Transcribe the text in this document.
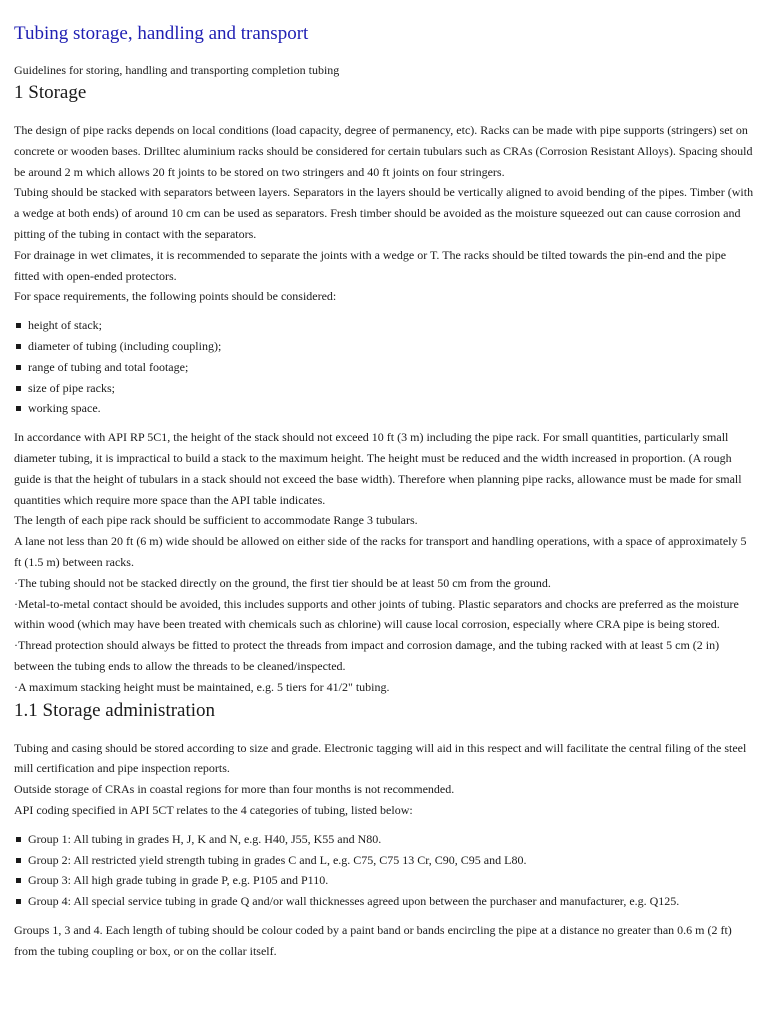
Tubing storage, handling and transport
Guidelines for storing, handling and transporting completion tubing
1 Storage

The design of pipe racks depends on local conditions (load capacity, degree of permanency, etc). Racks can be made with pipe supports (stringers) set on concrete or wooden bases. Drilltec aluminium racks should be considered for certain tubulars such as CRAs (Corrosion Resistant Alloys). Spacing should be around 2 m which allows 20 ft joints to be stored on two stringers and 40 ft joints on four stringers.

Tubing should be stacked with separators between layers. Separators in the layers should be vertically aligned to avoid bending of the pipes. Timber (with a wedge at both ends) of around 10 cm can be used as separators. Fresh timber should be avoided as the moisture squeezed out can cause corrosion and pitting of the tubing in contact with the separators.

For drainage in wet climates, it is recommended to separate the joints with a wedge or T. The racks should be tilted towards the pin-end and the pipe fitted with open-ended protectors.

For space requirements, the following points should be considered:

height of stack;
diameter of tubing (including coupling);
range of tubing and total footage;
size of pipe racks;
working space.

In accordance with API RP 5C1, the height of the stack should not exceed 10 ft (3 m) including the pipe rack. For small quantities, particularly small diameter tubing, it is impractical to build a stack to the maximum height. The height must be reduced and the width increased in proportion. (A rough guide is that the height of tubulars in a stack should not exceed the base width). Therefore when planning pipe racks, allowance must be made for small quantities which require more space than the API table indicates.

The length of each pipe rack should be sufficient to accommodate Range 3 tubulars.

A lane not less than 20 ft (6 m) wide should be allowed on either side of the racks for transport and handling operations, with a space of approximately 5 ft (1.5 m) between racks.

·The tubing should not be stacked directly on the ground, the first tier should be at least 50 cm from the ground.

·Metal-to-metal contact should be avoided, this includes supports and other joints of tubing. Plastic separators and chocks are preferred as the moisture within wood (which may have been treated with chemicals such as chlorine) will cause local corrosion, especially where CRA pipe is being stored.

·Thread protection should always be fitted to protect the threads from impact and corrosion damage, and the tubing racked with at least 5 cm (2 in) between the tubing ends to allow the threads to be cleaned/inspected.

·A maximum stacking height must be maintained, e.g. 5 tiers for 41/2" tubing.

1.1 Storage administration

Tubing and casing should be stored according to size and grade. Electronic tagging will aid in this respect and will facilitate the central filing of the steel mill certification and pipe inspection reports.

Outside storage of CRAs in coastal regions for more than four months is not recommended.

API coding specified in API 5CT relates to the 4 categories of tubing, listed below:

Group 1: All tubing in grades H, J, K and N, e.g. H40, J55, K55 and N80.
Group 2: All restricted yield strength tubing in grades C and L, e.g. C75, C75 13 Cr, C90, C95 and L80.
Group 3: All high grade tubing in grade P, e.g. P105 and P110.
Group 4: All special service tubing in grade Q and/or wall thicknesses agreed upon between the purchaser and manufacturer, e.g. Q125.

Groups 1, 3 and 4. Each length of tubing should be colour coded by a paint band or bands encircling the pipe at a distance no greater than 0.6 m (2 ft) from the tubing coupling or box, or on the collar itself.
